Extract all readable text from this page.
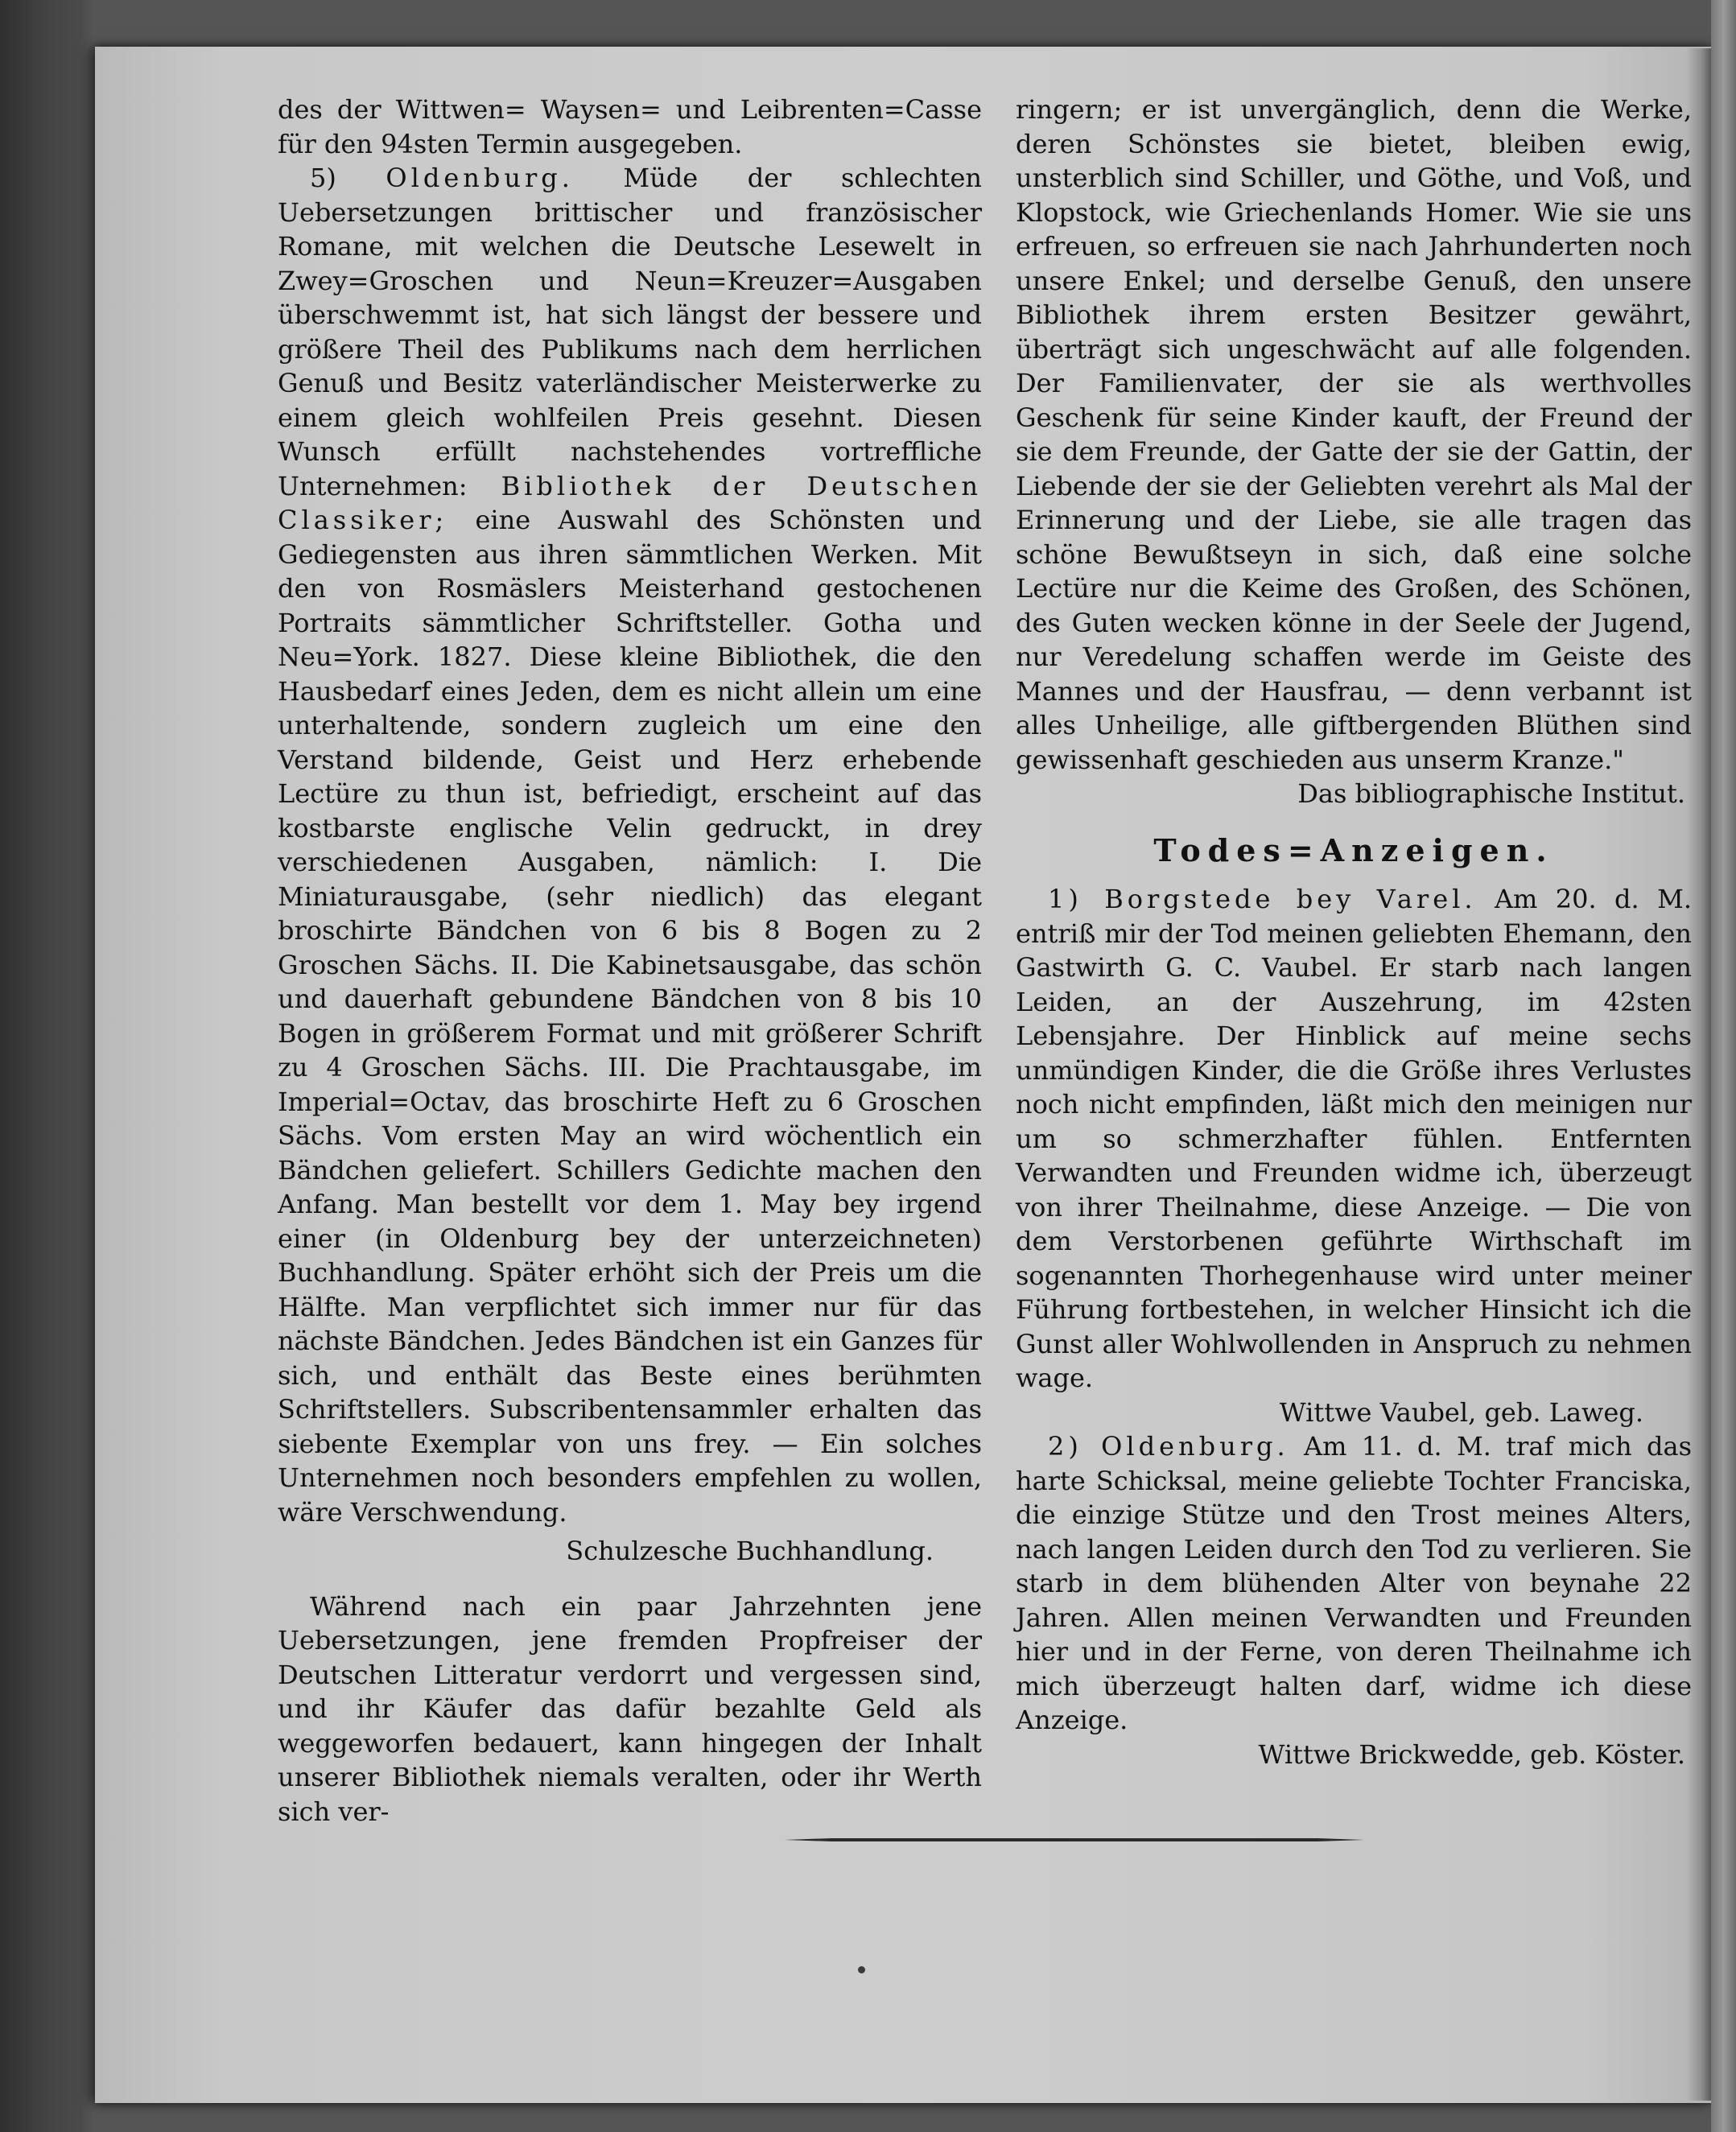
des der Wittwen= Waysen= und Leibrenten=Casse für den 94sten Termin ausgegeben.

5) Oldenburg. Müde der schlechten Uebersetzungen brittischer und französischer Romane, mit welchen die Deutsche Lesewelt in Zwey=Groschen und Neun=Kreuzer=Ausgaben überschwemmt ist, hat sich längst der bessere und größere Theil des Publikums nach dem herrlichen Genuß und Besitz vaterländischer Meisterwerke zu einem gleich wohlfeilen Preis gesehnt. Diesen Wunsch erfüllt nachstehendes vortreffliche Unternehmen: Bibliothek der Deutschen Classiker; eine Auswahl des Schönsten und Gediegensten aus ihren sämmtlichen Werken. Mit den von Rosmäslers Meisterhand gestochenen Portraits sämmtlicher Schriftsteller. Gotha und Neu=York. 1827. Diese kleine Bibliothek, die den Hausbedarf eines Jeden, dem es nicht allein um eine unterhaltende, sondern zugleich um eine den Verstand bildende, Geist und Herz erhebende Lectüre zu thun ist, befriedigt, erscheint auf das kostbarste englische Velin gedruckt, in drey verschiedenen Ausgaben, nämlich: I. Die Miniaturausgabe, (sehr niedlich) das elegant broschirte Bändchen von 6 bis 8 Bogen zu 2 Groschen Sächs. II. Die Kabinetsausgabe, das schön und dauerhaft gebundene Bändchen von 8 bis 10 Bogen in größerem Format und mit größerer Schrift zu 4 Groschen Sächs. III. Die Prachtausgabe, im Imperial=Octav, das broschirte Heft zu 6 Groschen Sächs. Vom ersten May an wird wöchentlich ein Bändchen geliefert. Schillers Gedichte machen den Anfang. Man bestellt vor dem 1. May bey irgend einer (in Oldenburg bey der unterzeichneten) Buchhandlung. Später erhöht sich der Preis um die Hälfte. Man verpflichtet sich immer nur für das nächste Bändchen. Jedes Bändchen ist ein Ganzes für sich, und enthält das Beste eines berühmten Schriftstellers. Subscribentensammler erhalten das siebente Exemplar von uns frey. — Ein solches Unternehmen noch besonders empfehlen zu wollen, wäre Verschwendung.

Schulzesche Buchhandlung.

Während nach ein paar Jahrzehnten jene Uebersetzungen, jene fremden Propfreiser der Deutschen Litteratur verdorrt und vergessen sind, und ihr Käufer das dafür bezahlte Geld als weggeworfen bedauert, kann hingegen der Inhalt unserer Bibliothek niemals veralten, oder ihr Werth sich ver-

ringern; er ist unvergänglich, denn die Werke, deren Schönstes sie bietet, bleiben ewig, unsterblich sind Schiller, und Göthe, und Voß, und Klopstock, wie Griechenlands Homer. Wie sie uns erfreuen, so erfreuen sie nach Jahrhunderten noch unsere Enkel; und derselbe Genuß, den unsere Bibliothek ihrem ersten Besitzer gewährt, überträgt sich ungeschwächt auf alle folgenden. Der Familienvater, der sie als werthvolles Geschenk für seine Kinder kauft, der Freund der sie dem Freunde, der Gatte der sie der Gattin, der Liebende der sie der Geliebten verehrt als Mal der Erinnerung und der Liebe, sie alle tragen das schöne Bewußtseyn in sich, daß eine solche Lectüre nur die Keime des Großen, des Schönen, des Guten wecken könne in der Seele der Jugend, nur Veredelung schaffen werde im Geiste des Mannes und der Hausfrau, — denn verbannt ist alles Unheilige, alle giftbergenden Blüthen sind gewissenhaft geschieden aus unserm Kranze."

Das bibliographische Institut.

Todes=Anzeigen.

1) Borgstede bey Varel. Am 20. d. M. entriß mir der Tod meinen geliebten Ehemann, den Gastwirth G. C. Vaubel. Er starb nach langen Leiden, an der Auszehrung, im 42sten Lebensjahre. Der Hinblick auf meine sechs unmündigen Kinder, die die Größe ihres Verlustes noch nicht empfinden, läßt mich den meinigen nur um so schmerzhafter fühlen. Entfernten Verwandten und Freunden widme ich, überzeugt von ihrer Theilnahme, diese Anzeige. — Die von dem Verstorbenen geführte Wirthschaft im sogenannten Thorhegenhause wird unter meiner Führung fortbestehen, in welcher Hinsicht ich die Gunst aller Wohlwollenden in Anspruch zu nehmen wage.

Wittwe Vaubel, geb. Laweg.

2) Oldenburg. Am 11. d. M. traf mich das harte Schicksal, meine geliebte Tochter Franciska, die einzige Stütze und den Trost meines Alters, nach langen Leiden durch den Tod zu verlieren. Sie starb in dem blühenden Alter von beynahe 22 Jahren. Allen meinen Verwandten und Freunden hier und in der Ferne, von deren Theilnahme ich mich überzeugt halten darf, widme ich diese Anzeige.

Wittwe Brickwedde, geb. Köster.
